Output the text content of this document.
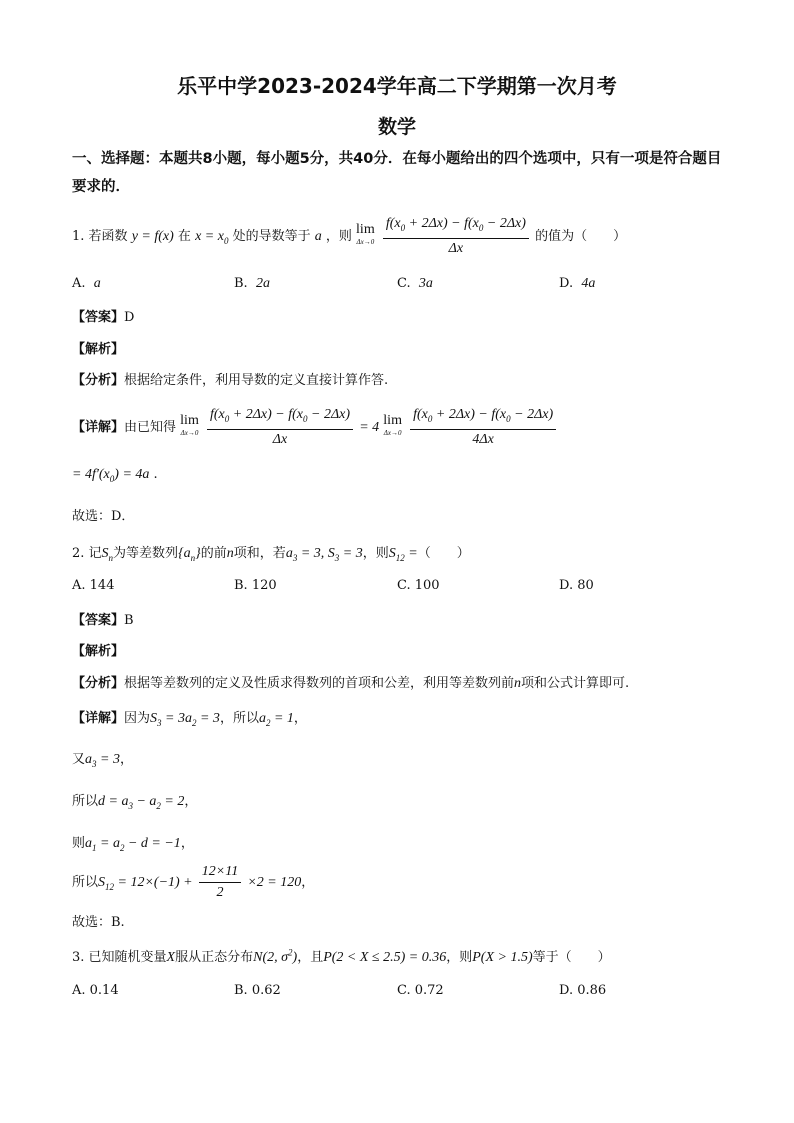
乐平中学2023-2024学年高二下学期第一次月考
数学
一、选择题：本题共8小题，每小题5分，共40分．在每小题给出的四个选项中，只有一项是符合题目要求的．
1. 若函数 y = f(x) 在 $x = x_0$ 处的导数等于 a ，则 lim
Δx→0
$\frac{f(x_0 + 2\Delta x) - f(x_0 - 2\Delta x)}{\Delta x}$ 的值为（　　）
A. a	B. 2a	C. 3a	D. 4a
【答案】D
【解析】
【分析】根据给定条件，利用导数的定义直接计算作答.
【详解】由已知得 lim
Δx→0
$\frac{f(x_0 + 2\Delta x) - f(x_0 - 2\Delta x)}{\Delta x} = 4$ lim
Δx→0
$\frac{f(x_0 + 2\Delta x) - f(x_0 - 2\Delta x)}{4\Delta x}$
= $4f'(x_0) = 4a$ .
故选：D．
2. 记$S_n$为等差数列$\{a_n\}$的前n项和，若$a_3 = 3$, $S_3 = 3$，则$S_{12}$ =（　　）
A. 144	B. 120	C. 100	D. 80
【答案】B
【解析】
【分析】根据等差数列的定义及性质求得数列的首项和公差，利用等差数列前n项和公式计算即可.
【详解】因为$S_3 = 3a_2 = 3$，所以$a_2 = 1$，
又$a_3 = 3$，
所以$d = a_3 - a_2 = 2$，
则$a_1 = a_2 - d = -1$，
所以$S_{12} = 12\times(-1) + \frac{12\times 11}{2} \times 2 = 120$，
故选：B.
3. 已知随机变量X服从正态分布N(2, $\sigma^2$)，且P(2 < X ≤ 2.5) = 0.36，则P(X > 1.5)等于（　　）
A. 0.14	B. 0.62	C. 0.72	D. 0.86
